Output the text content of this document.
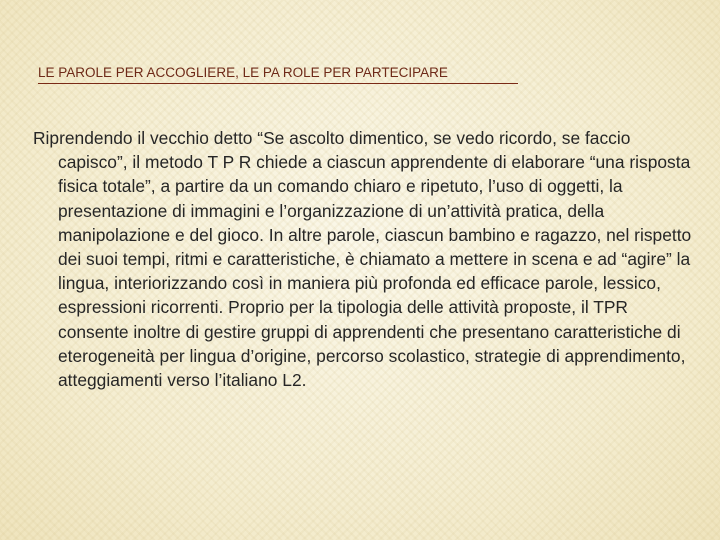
LE PAROLE PER ACCOGLIERE, LE PA ROLE PER PARTECIPARE

Riprendendo il vecchio detto “Se ascolto dimentico, se vedo ricordo, se faccio capisco”, il metodo T P R chiede a ciascun apprendente di elaborare “una risposta fisica totale”, a partire da un comando chiaro e ripetuto, l’uso di oggetti, la presentazione di immagini e l’organizzazione di un’attività pratica, della manipolazione e del gioco. In altre parole, ciascun bambino e ragazzo, nel rispetto dei suoi tempi, ritmi e caratteristiche, è chiamato a mettere in scena e ad “agire” la lingua, interiorizzando così in maniera più profonda ed efficace parole, lessico, espressioni ricorrenti. Proprio per la tipologia delle attività proposte, il TPR consente inoltre di gestire gruppi di apprendenti che presentano caratteristiche di eterogeneità per lingua d’origine, percorso scolastico, strategie di apprendimento, atteggiamenti verso l’italiano L2.
